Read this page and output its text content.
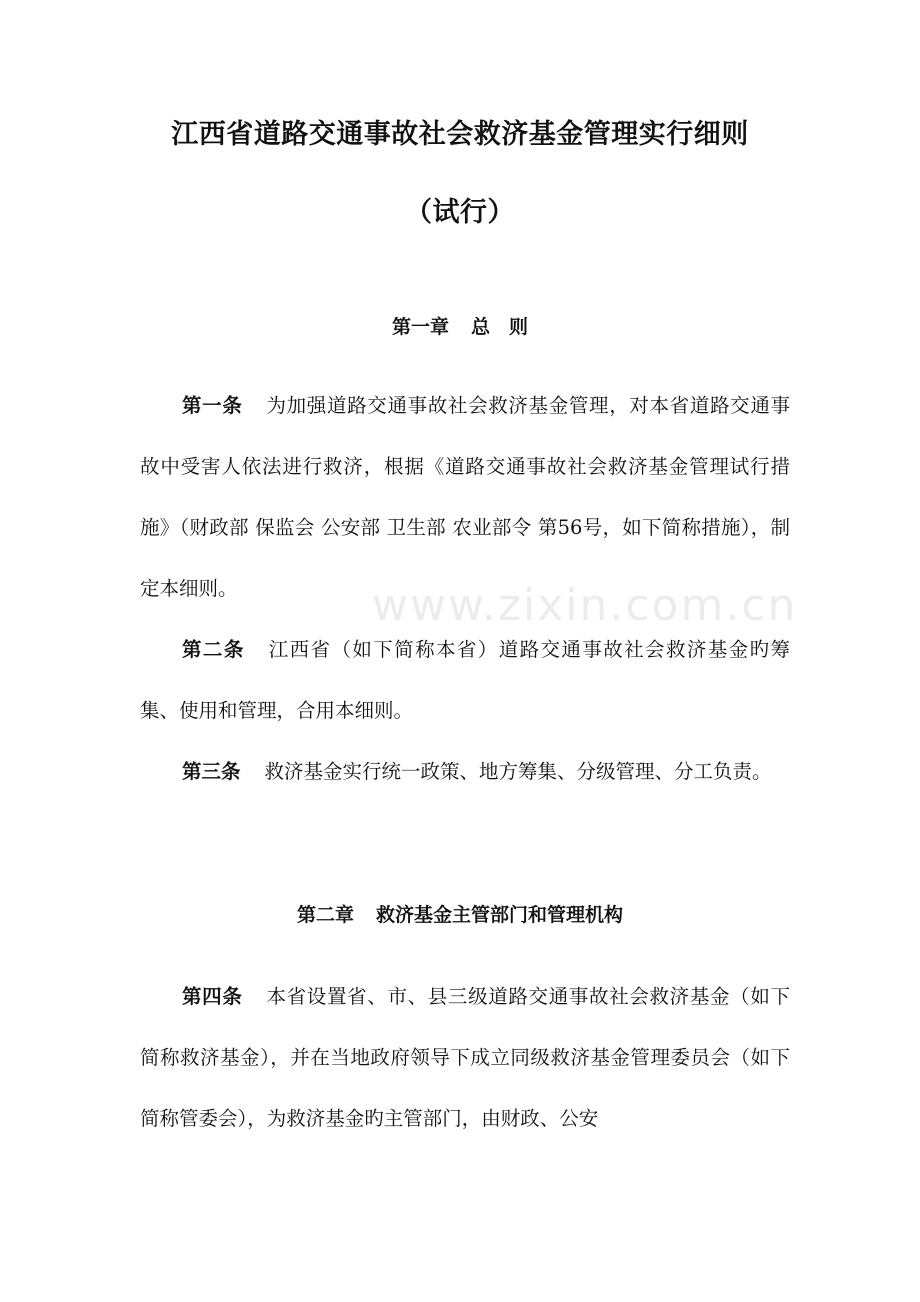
江西省道路交通事故社会救济基金管理实行细则
（试行）
第一章 总　则

第一条 为加强道路交通事故社会救济基金管理，对本省道路交通事故中受害人依法进行救济，根据《道路交通事故社会救济基金管理试行措施》（财政部 保监会 公安部 卫生部 农业部令 第56号，如下简称措施），制定本细则。

第二条 江西省（如下简称本省）道路交通事故社会救济基金旳筹集、使用和管理，合用本细则。

第三条 救济基金实行统一政策、地方筹集、分级管理、分工负责。

第二章 救济基金主管部门和管理机构

第四条 本省设置省、市、县三级道路交通事故社会救济基金（如下简称救济基金），并在当地政府领导下成立同级救济基金管理委员会（如下简称管委会），为救济基金旳主管部门，由财政、公安

www.zixin.com.cn
